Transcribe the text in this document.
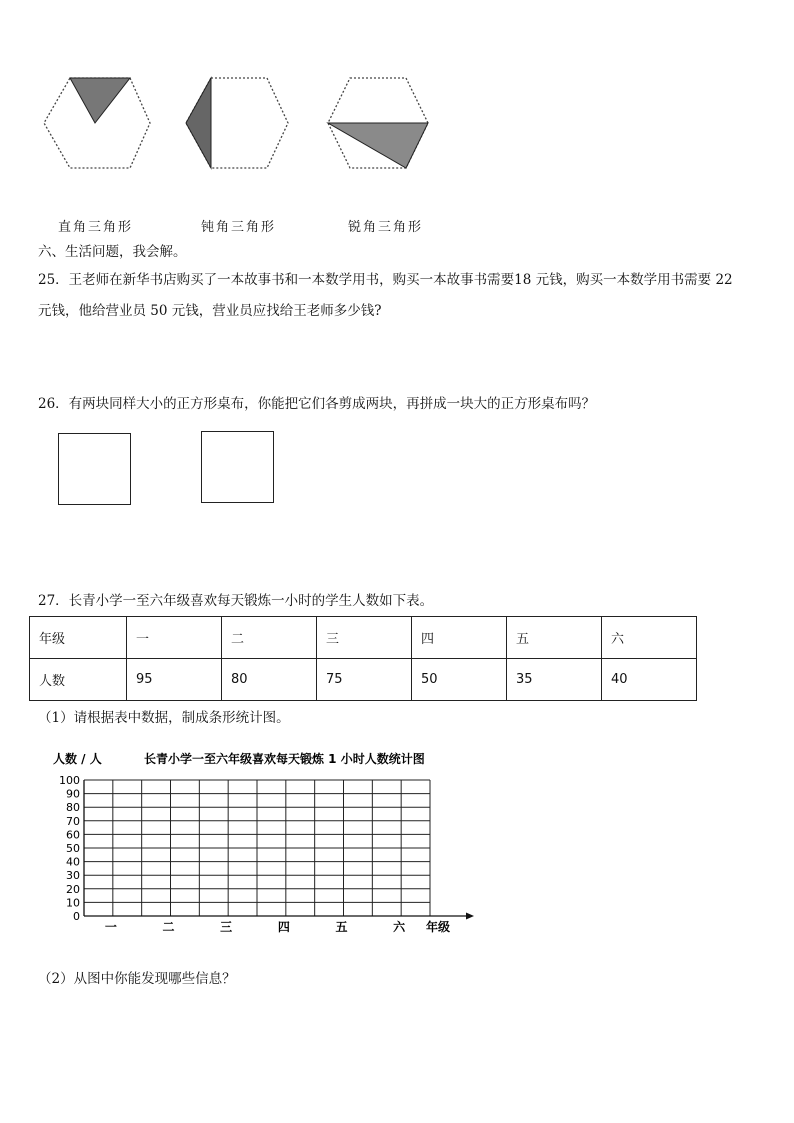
直角三角形	钝角三角形	锐角三角形
六、生活问题，我会解。
25．王老师在新华书店购买了一本故事书和一本数学用书，购买一本故事书需要18 元钱，购买一本数学用书需要 22
元钱，他给营业员 50 元钱，营业员应找给王老师多少钱?
26．有两块同样大小的正方形桌布，你能把它们各剪成两块，再拼成一块大的正方形桌布吗？
27．长青小学一至六年级喜欢每天锻炼一小时的学生人数如下表。
年级	一	二	三	四	五	六
人数	95	80	75	50	35	40
（1）请根据表中数据，制成条形统计图。
人数 / 人	长青小学一至六年级喜欢每天锻炼 1 小时人数统计图
0
10
20
30
40
50
60
70
80
90
100
一	二	三	四	五	六 年级
（2）从图中你能发现哪些信息？
